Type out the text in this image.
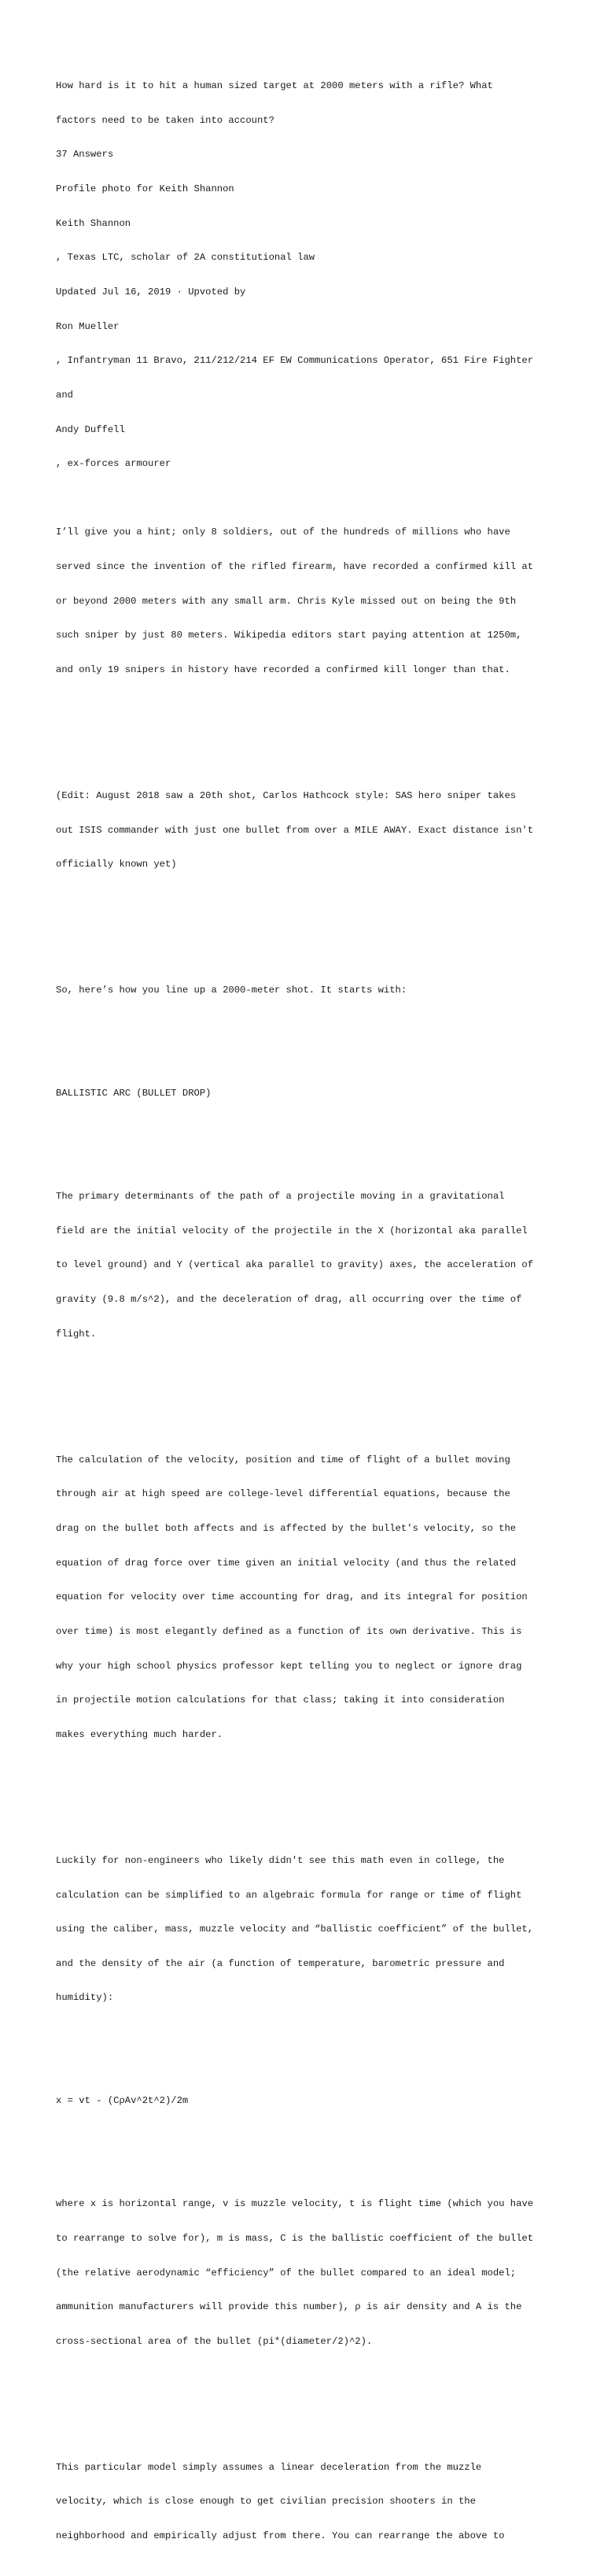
How hard is it to hit a human sized target at 2000 meters with a rifle? What

factors need to be taken into account?

37 Answers

Profile photo for Keith Shannon

Keith Shannon

, Texas LTC, scholar of 2A constitutional law

Updated Jul 16, 2019 · Upvoted by

Ron Mueller

, Infantryman 11 Bravo, 211/212/214 EF EW Communications Operator, 651 Fire Fighter

and

Andy Duffell

, ex-forces armourer

I’ll give you a hint; only 8 soldiers, out of the hundreds of millions who have

served since the invention of the rifled firearm, have recorded a confirmed kill at

or beyond 2000 meters with any small arm. Chris Kyle missed out on being the 9th

such sniper by just 80 meters. Wikipedia editors start paying attention at 1250m,

and only 19 snipers in history have recorded a confirmed kill longer than that.

(Edit: August 2018 saw a 20th shot, Carlos Hathcock style: SAS hero sniper takes

out ISIS commander with just one bullet from over a MILE AWAY. Exact distance isn't

officially known yet)

So, here’s how you line up a 2000-meter shot. It starts with:

BALLISTIC ARC (BULLET DROP)

The primary determinants of the path of a projectile moving in a gravitational

field are the initial velocity of the projectile in the X (horizontal aka parallel

to level ground) and Y (vertical aka parallel to gravity) axes, the acceleration of

gravity (9.8 m/s^2), and the deceleration of drag, all occurring over the time of

flight.

The calculation of the velocity, position and time of flight of a bullet moving

through air at high speed are college-level differential equations, because the

drag on the bullet both affects and is affected by the bullet's velocity, so the

equation of drag force over time given an initial velocity (and thus the related

equation for velocity over time accounting for drag, and its integral for position

over time) is most elegantly defined as a function of its own derivative. This is

why your high school physics professor kept telling you to neglect or ignore drag

in projectile motion calculations for that class; taking it into consideration

makes everything much harder.

Luckily for non-engineers who likely didn't see this math even in college, the

calculation can be simplified to an algebraic formula for range or time of flight

using the caliber, mass, muzzle velocity and “ballistic coefficient” of the bullet,

and the density of the air (a function of temperature, barometric pressure and

humidity):

x = vt - (CρAv^2t^2)/2m

where x is horizontal range, v is muzzle velocity, t is flight time (which you have

to rearrange to solve for), m is mass, C is the ballistic coefficient of the bullet

(the relative aerodynamic “efficiency” of the bullet compared to an ideal model;

ammunition manufacturers will provide this number), ρ is air density and A is the

cross-sectional area of the bullet (pi*(diameter/2)^2).

This particular model simply assumes a linear deceleration from the muzzle

velocity, which is close enough to get civilian precision shooters in the

neighborhood and empirically adjust from there. You can rearrange the above to
